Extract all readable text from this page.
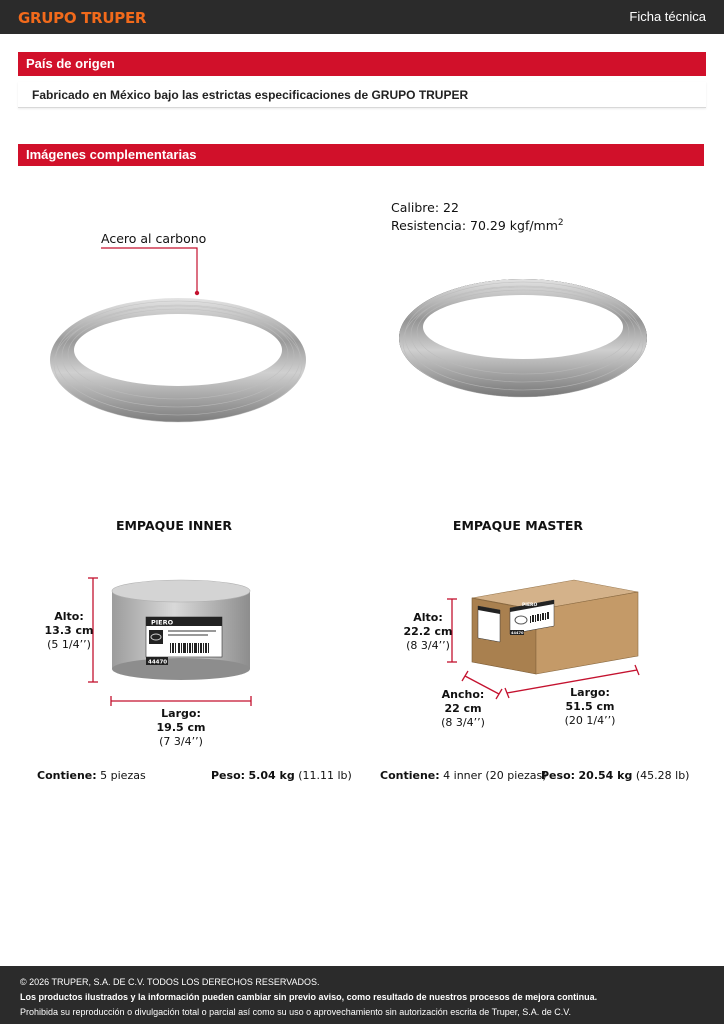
GRUPO TRUPER	Ficha técnica
País de origen
Fabricado en México bajo las estrictas especificaciones de GRUPO TRUPER
Imágenes complementarias
Acero al carbono
Calibre: 22
Resistencia: 70.29 kgf/$mm^2$
EMPAQUE INNER	EMPAQUE MASTER
PIERO
44470
Alto:
13.3 cm
(5 1/4’’)
Largo:
19.5 cm
(7 3/4’’)
PIERO
44470
Alto:
22.2 cm
(8 3/4’’)
Ancho:
22 cm
(8 3/4’’)
Largo:
51.5 cm
(20 1/4’’)
Contiene: 5 piezas	Peso: 5.04 kg (11.11 lb)	Contiene: 4 inner (20 piezas)
Peso: 20.54 kg (45.28 lb)
© 2026 TRUPER, S.A. DE C.V. TODOS LOS DERECHOS RESERVADOS.
Los productos ilustrados y la información pueden cambiar sin previo aviso, como resultado de nuestros procesos de mejora continua.
Prohibida su reproducción o divulgación total o parcial así como su uso o aprovechamiento sin autorización escrita de Truper, S.A. de C.V.
